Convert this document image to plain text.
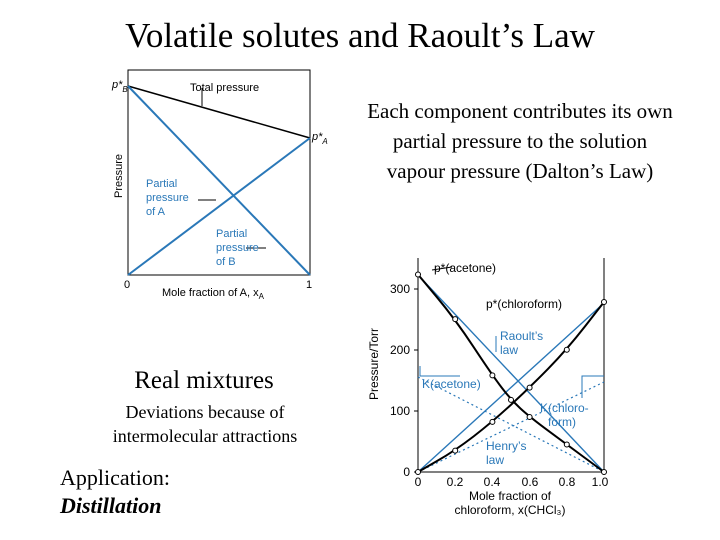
Volatile solutes and Raoult’s Law
$p*_B$
$p*_A$
Total pressure
Partial pressure of A
Partial pressure of B
Pressure
0	1
Mole fraction of A, $x_A$
Each component contributes its own partial pressure to the solution vapour pressure (Dalton’s Law)
0
100
200
300
0 0.2 0.4 0.6 0.8 1.0
p*(acetone)
p*(chloroform)
Raoult’s law
K(acetone)
K(chloro-form)
Henry’s law
Pressure/Torr
Mole fraction of chloroform, x(CHCl₃)
Real mixtures
Deviations because of intermolecular attractions
Application:
Distillation
